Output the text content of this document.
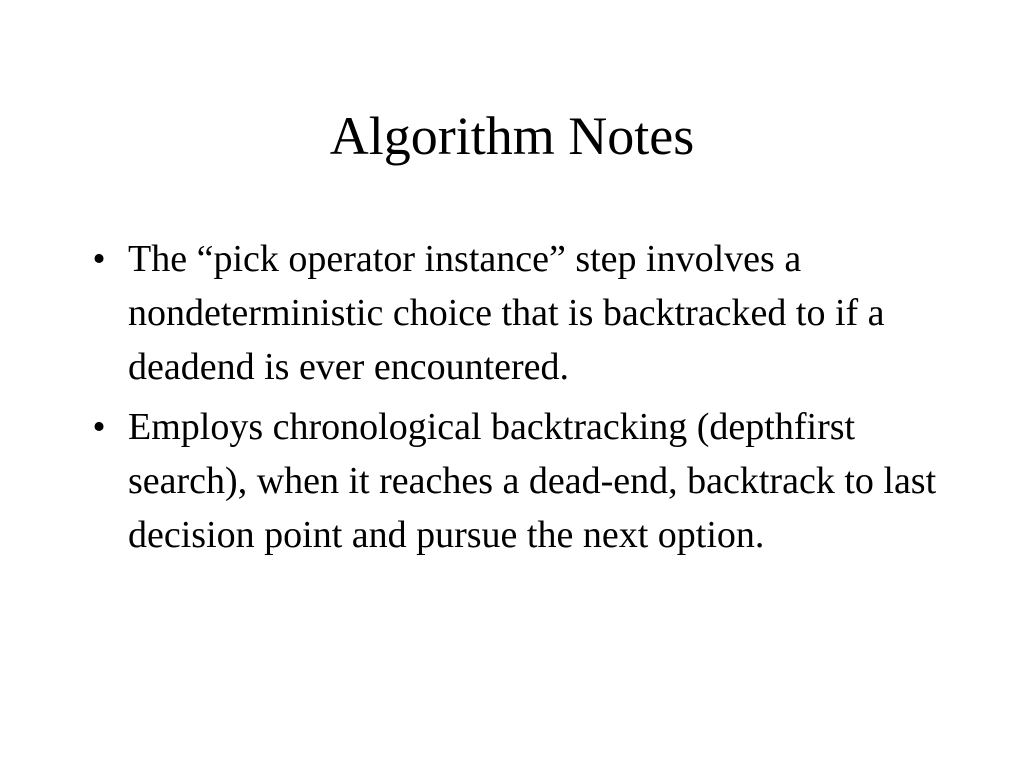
Algorithm Notes
• The “pick operator instance” step involves a nondeterministic choice that is backtracked to if a deadend is ever encountered.
• Employs chronological backtracking (depthfirst search), when it reaches a dead-end, backtrack to last decision point and pursue the next option.
